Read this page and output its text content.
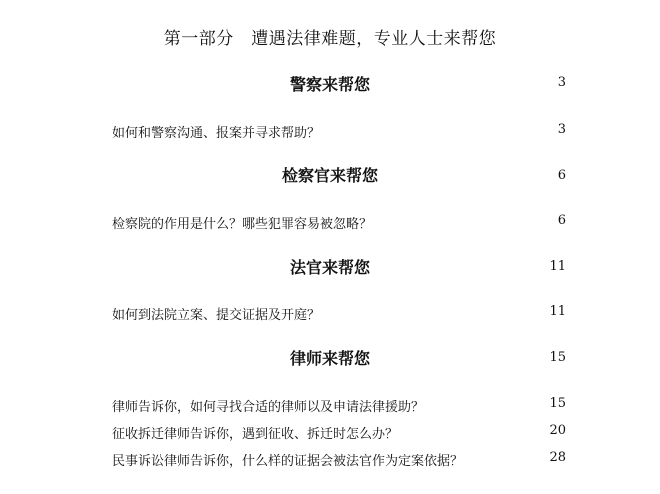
第一部分　遭遇法律难题，专业人士来帮您
警察来帮您	3
如何和警察沟通、报案并寻求帮助？	3
检察官来帮您	6
检察院的作用是什么？哪些犯罪容易被忽略？	6
法官来帮您	11
如何到法院立案、提交证据及开庭？	11
律师来帮您	15
律师告诉你，如何寻找合适的律师以及申请法律援助？	15
征收拆迁律师告诉你，遇到征收、拆迁时怎么办？	20
民事诉讼律师告诉你，什么样的证据会被法官作为定案依据？	28
